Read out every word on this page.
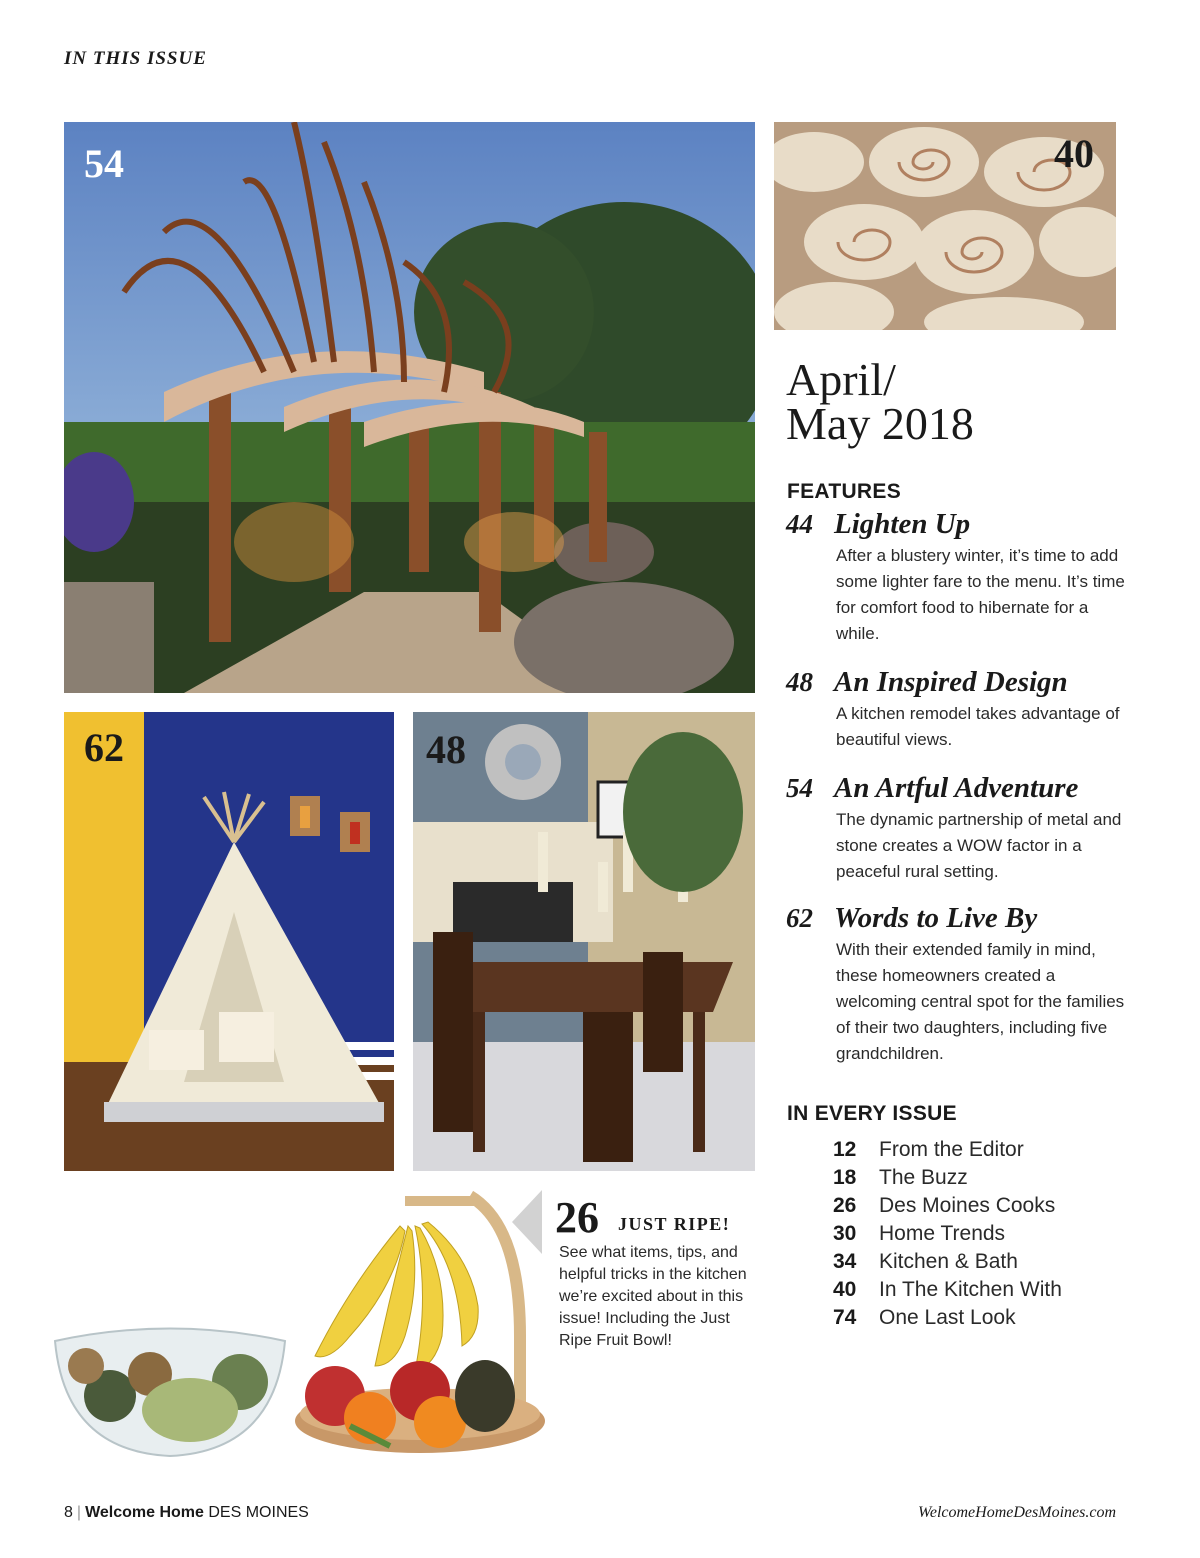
IN THIS ISSUE
54	40
62	48
April/
May 2018
FEATURES
44 Lighten Up
After a blustery winter, it’s time to add some lighter fare to the menu. It’s time for comfort food to hibernate for a while.
48 An Inspired Design
A kitchen remodel takes advantage of beautiful views.
54 An Artful Adventure
The dynamic partnership of metal and stone creates a WOW factor in a peaceful rural setting.
62 Words to Live By
With their extended family in mind, these homeowners created a welcoming central spot for the families of their two daughters, including five grandchildren.
IN EVERY ISSUE
12	From the Editor
18	The Buzz
26	Des Moines Cooks
30	Home Trends
34	Kitchen & Bath
40	In The Kitchen With
74	One Last Look
26 JUST RIPE!
See what items, tips, and helpful tricks in the kitchen we’re excited about in this issue! Including the Just Ripe Fruit Bowl!
8 | Welcome Home DES MOINES	WelcomeHomeDesMoines.com
